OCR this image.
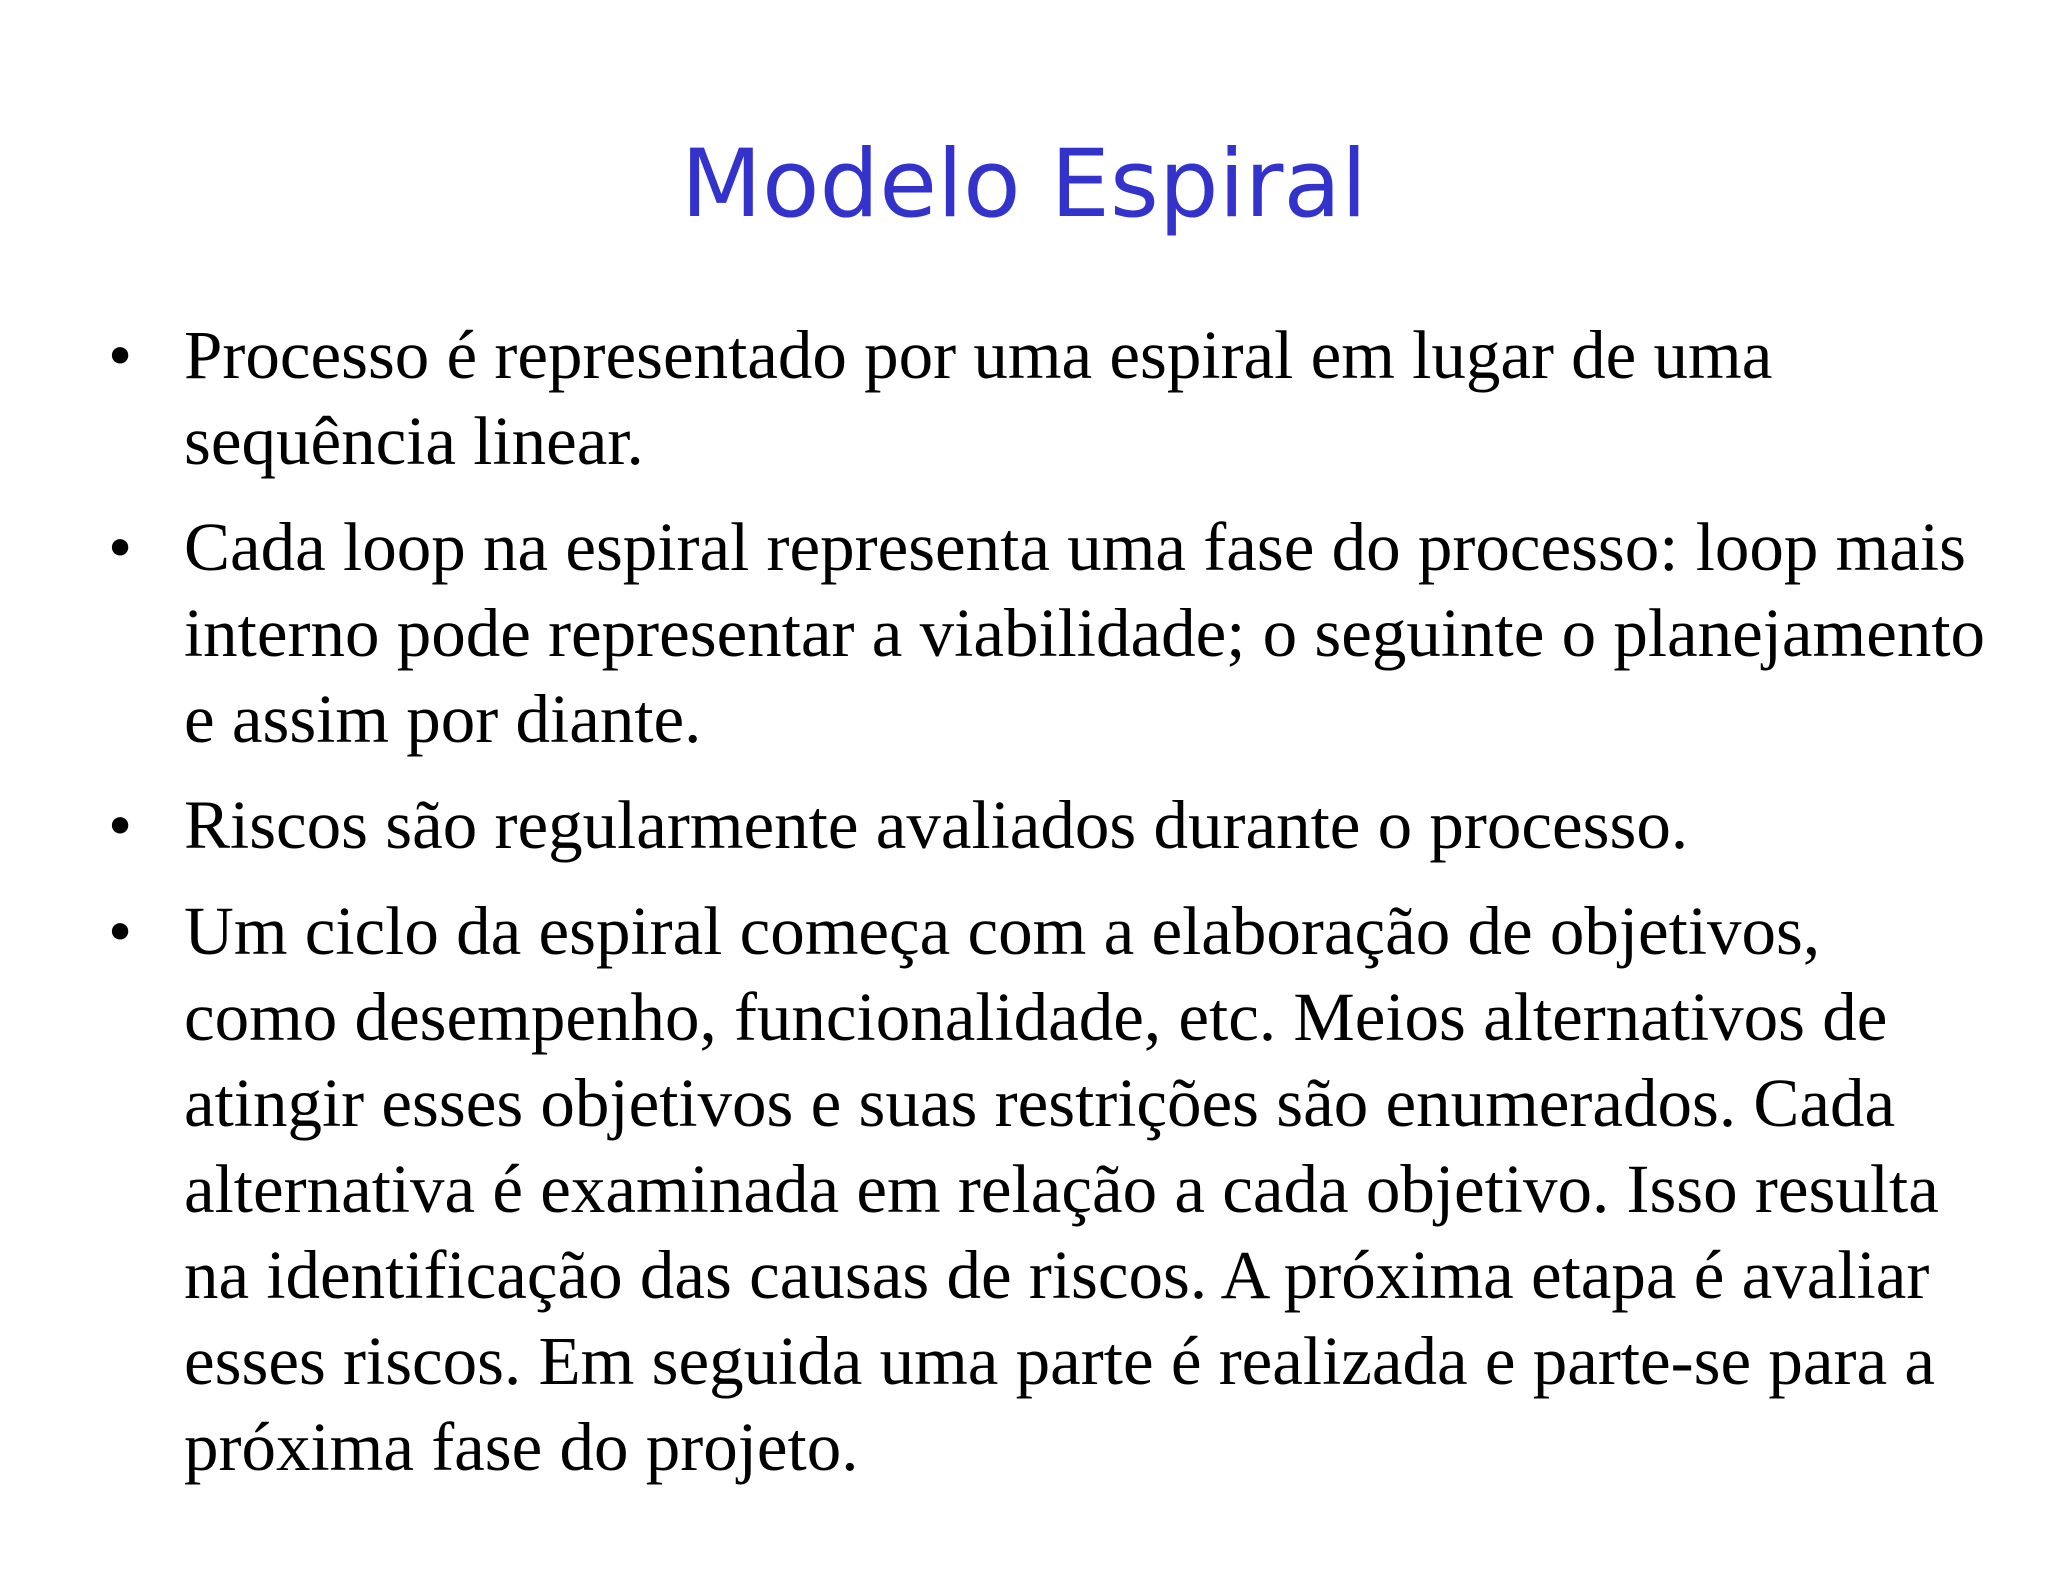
Modelo Espiral
• Processo é representado por uma espiral em lugar de uma sequência linear.
• Cada loop na espiral representa uma fase do processo: loop mais interno pode representar a viabilidade; o seguinte o planejamento e assim por diante.
• Riscos são regularmente avaliados durante o processo.
• Um ciclo da espiral começa com a elaboração de objetivos, como desempenho, funcionalidade, etc. Meios alternativos de atingir esses objetivos e suas restrições são enumerados. Cada alternativa é examinada em relação a cada objetivo. Isso resulta na identificação das causas de riscos. A próxima etapa é avaliar esses riscos. Em seguida uma parte é realizada e parte-se para a próxima fase do projeto.
